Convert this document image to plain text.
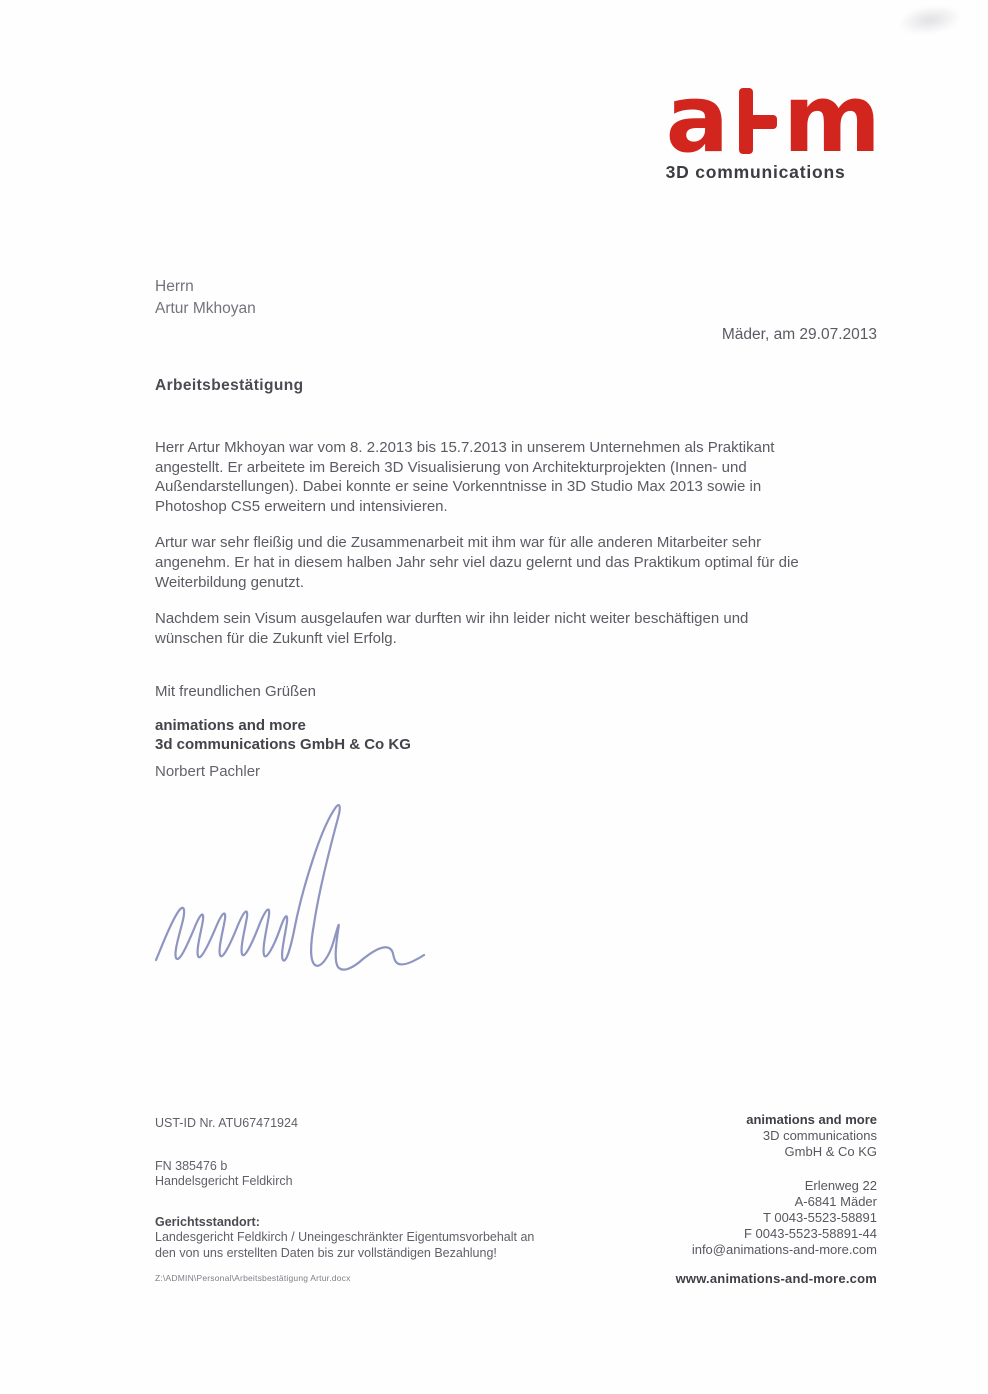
a m
3D communications
Herrn
Artur Mkhoyan
Mäder, am 29.07.2013
Arbeitsbestätigung
Herr Artur Mkhoyan war vom 8. 2.2013 bis 15.7.2013 in unserem Unternehmen als Praktikant
angestellt. Er arbeitete im Bereich 3D Visualisierung von Architekturprojekten (Innen- und
Außendarstellungen). Dabei konnte er seine Vorkenntnisse in 3D Studio Max 2013 sowie in
Photoshop CS5 erweitern und intensivieren.
Artur war sehr fleißig und die Zusammenarbeit mit ihm war für alle anderen Mitarbeiter sehr
angenehm. Er hat in diesem halben Jahr sehr viel dazu gelernt und das Praktikum optimal für die
Weiterbildung genutzt.
Nachdem sein Visum ausgelaufen war durften wir ihn leider nicht weiter beschäftigen und
wünschen für die Zukunft viel Erfolg.
Mit freundlichen Grüßen
animations and more
3d communications GmbH & Co KG
Norbert Pachler
UST-ID Nr. ATU67471924
FN 385476 b
Handelsgericht Feldkirch
Gerichtsstandort:
Landesgericht Feldkirch / Uneingeschränkter Eigentumsvorbehalt an
den von uns erstellten Daten bis zur vollständigen Bezahlung!
Z:\ADMIN\Personal\Arbeitsbestätigung Artur.docx
animations and more
3D communications
GmbH & Co KG
Erlenweg 22
A-6841 Mäder
T 0043-5523-58891
F 0043-5523-58891-44
info@animations-and-more.com
www.animations-and-more.com
